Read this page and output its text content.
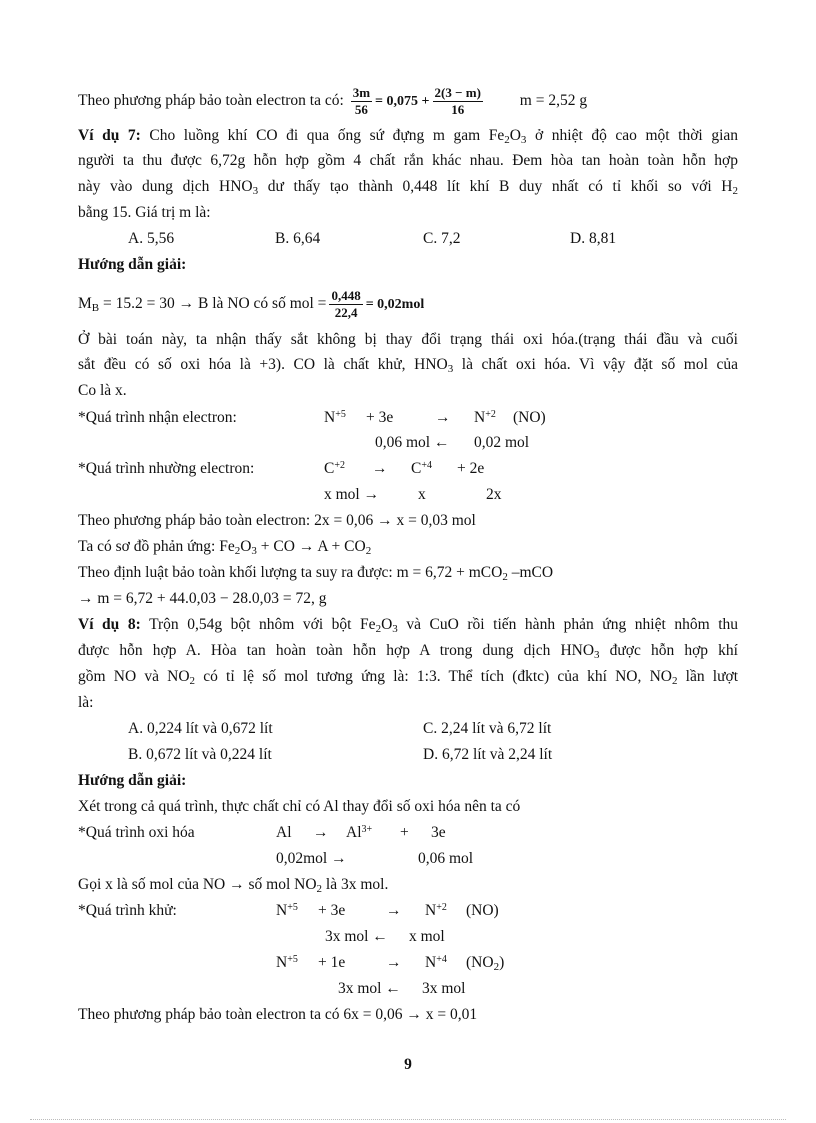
Theo phương pháp bảo toàn electron ta có: $\frac{3m}{56} = 0,075 + \frac{2(3 - m)}{16}$ m = 2,52 g
Ví dụ 7: Cho luồng khí CO đi qua ống sứ đựng m gam $Fe_2O_3$ ở nhiệt độ cao một thời gian
người ta thu được 6,72g hỗn hợp gồm 4 chất rắn khác nhau. Đem hòa tan hoàn toàn hỗn hợp
này vào dung dịch $HNO_3$ dư thấy tạo thành 0,448 lít khí B duy nhất có tỉ khối so với $H_2$
bằng 15. Giá trị m là:
A. 5,56	B. 6,64	C. 7,2	D. 8,81
Hướng dẫn giải:
$M_B = 15.2 = 30 \to B$ là NO có số mol = $\frac{0,448}{22,4} = 0,02mol$
Ở bài toán này, ta nhận thấy sắt không bị thay đổi trạng thái oxi hóa.(trạng thái đầu và cuối
sắt đều có số oxi hóa là +3). CO là chất khử, $HNO_3$ là chất oxi hóa. Vì vậy đặt số mol của
Co là x.
*Quá trình nhận electron:	$N^{+5} + 3e$	→ $N^{+2}$ (NO)
0,06 mol ← 0,02 mol
*Quá trình nhường electron:	$C^{+2} \to C^{+4} + 2e$
x mol →	x	2x
Theo phương pháp bảo toàn electron: 2x = 0,06 → x = 0,03 mol
Ta có sơ đồ phản ứng: $Fe_2O_3$ + CO → $A + CO_2$
Theo định luật bảo toàn khối lượng ta suy ra được: m = 6,72 + mCO$_2$ –mCO
→ m = 6,72 + 44.0,03 − 28.0,03 = 72, g
Ví dụ 8: Trộn 0,54g bột nhôm với bột $Fe_2O_3$ và CuO rồi tiến hành phản ứng nhiệt nhôm thu
được hỗn hợp A. Hòa tan hoàn toàn hỗn hợp A trong dung dịch $HNO_3$ được hỗn hợp khí
gồm NO và $NO_2$ có tỉ lệ số mol tương ứng là: 1:3. Thể tích (đktc) của khí NO, $NO_2$ lần lượt
là:
A. 0,224 lít và 0,672 lít	C. 2,24 lít và 6,72 lít
B. 0,672 lít và 0,224 lít	D. 6,72 lít và 2,24 lít
Hướng dẫn giải:
Xét trong cả quá trình, thực chất chỉ có Al thay đổi số oxi hóa nên ta có
*Quá trình oxi hóa	$Al \to Al^{3+} + 3e$
0,02mol →	0,06 mol
Gọi x là số mol của NO → số mol $NO_2$ là 3x mol.
*Quá trình khử:	$N^{+5} + 3e$	→ $N^{+2}$ (NO)
3x mol ← x mol
$N^{+5} + 1e$	→ $N^{+4}$ $(NO_2)$
3x mol ← 3x mol
Theo phương pháp bảo toàn electron ta có 6x = 0,06 → x = 0,01
9
